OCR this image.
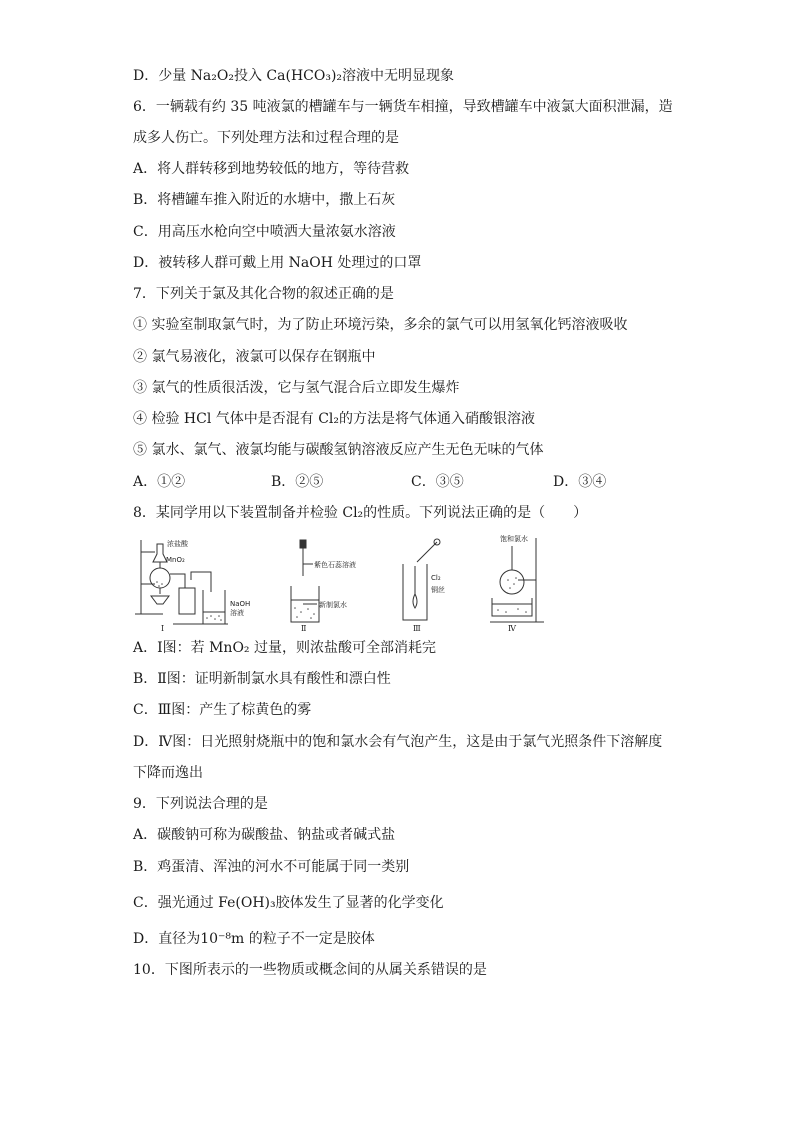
D．少量 Na₂O₂投入 Ca(HCO₃)₂溶液中无明显现象
6．一辆载有约 35 吨液氯的槽罐车与一辆货车相撞，导致槽罐车中液氯大面积泄漏，造
成多人伤亡。下列处理方法和过程合理的是
A．将人群转移到地势较低的地方，等待营救
B．将槽罐车推入附近的水塘中，撒上石灰
C．用高压水枪向空中喷洒大量浓氨水溶液
D．被转移人群可戴上用 NaOH 处理过的口罩
7．下列关于氯及其化合物的叙述正确的是
① 实验室制取氯气时，为了防止环境污染，多余的氯气可以用氢氧化钙溶液吸收
② 氯气易液化，液氯可以保存在钢瓶中
③ 氯气的性质很活泼，它与氢气混合后立即发生爆炸
④ 检验 HCl 气体中是否混有 Cl₂的方法是将气体通入硝酸银溶液
⑤ 氯水、氯气、液氯均能与碳酸氢钠溶液反应产生无色无味的气体
A．①②	B．②⑤	C．③⑤	D．③④
8．某同学用以下装置制备并检验 Cl₂的性质。下列说法正确的是（　　）
浓盐酸
MnO₂
NaOH
溶液
Ⅰ
紫色石蕊溶液
新制氯水
Ⅱ
Cl₂
铜丝
Ⅲ
饱和氯水
Ⅳ
A．Ⅰ图：若 MnO₂ 过量，则浓盐酸可全部消耗完
B．Ⅱ图：证明新制氯水具有酸性和漂白性
C．Ⅲ图：产生了棕黄色的雾
D．Ⅳ图：日光照射烧瓶中的饱和氯水会有气泡产生，这是由于氯气光照条件下溶解度
下降而逸出
9．下列说法合理的是
A．碳酸钠可称为碳酸盐、钠盐或者碱式盐
B．鸡蛋清、浑浊的河水不可能属于同一类别
C．强光通过 Fe(OH)₃胶体发生了显著的化学变化
D．直径为10⁻⁸m 的粒子不一定是胶体
10．下图所表示的一些物质或概念间的从属关系错误的是
